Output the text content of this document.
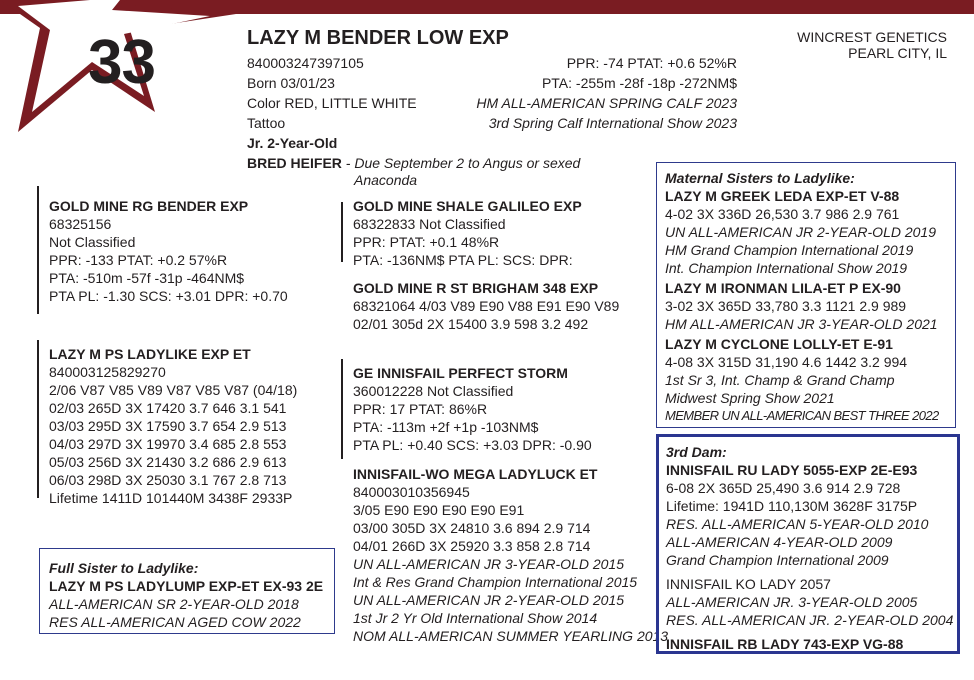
33	LAZY M BENDER LOW EXP
840003247397105
Born 03/01/23
Color RED, LITTLE WHITE
Tattoo
Jr. 2-Year-Old
BRED HEIFER - Due September 2 to Angus or sexed
Anaconda
PPR: -74 PTAT: +0.6 52%R
PTA: -255m -28f -18p -272NM$
HM ALL-AMERICAN SPRING CALF 2023
3rd Spring Calf International Show 2023
WINCREST GENETICS
PEARL CITY, IL
GOLD MINE RG BENDER EXP
68325156
Not Classified
PPR: -133 PTAT: +0.2 57%R
PTA: -510m -57f -31p -464NM$
PTA PL: -1.30 SCS: +3.01 DPR: +0.70
GOLD MINE SHALE GALILEO EXP
68322833 Not Classified
PPR: PTAT: +0.1 48%R
PTA: -136NM$ PTA PL: SCS: DPR:
GOLD MINE R ST BRIGHAM 348 EXP
68321064 4/03 V89 E90 V88 E91 E90 V89
02/01 305d 2X 15400 3.9 598 3.2 492
LAZY M PS LADYLIKE EXP ET
840003125829270
2/06 V87 V85 V89 V87 V85 V87 (04/18)
02/03 265D 3X 17420 3.7 646 3.1 541
03/03 295D 3X 17590 3.7 654 2.9 513
04/03 297D 3X 19970 3.4 685 2.8 553
05/03 256D 3X 21430 3.2 686 2.9 613
06/03 298D 3X 25030 3.1 767 2.8 713
Lifetime 1411D 101440M 3438F 2933P
GE INNISFAIL PERFECT STORM
360012228 Not Classified
PPR: 17 PTAT: 86%R
PTA: -113m +2f +1p -103NM$
PTA PL: +0.40 SCS: +3.03 DPR: -0.90
INNISFAIL-WO MEGA LADYLUCK ET
840003010356945
3/05 E90 E90 E90 E90 E91
03/00 305D 3X 24810 3.6 894 2.9 714
04/01 266D 3X 25920 3.3 858 2.8 714
UN ALL-AMERICAN JR 3-YEAR-OLD 2015
Int & Res Grand Champion International 2015
UN ALL-AMERICAN JR 2-YEAR-OLD 2015
1st Jr 2 Yr Old International Show 2014
NOM ALL-AMERICAN SUMMER YEARLING 2013
Full Sister to Ladylike:
LAZY M PS LADYLUMP EXP-ET EX-93 2E
ALL-AMERICAN SR 2-YEAR-OLD 2018
RES ALL-AMERICAN AGED COW 2022
Maternal Sisters to Ladylike:
LAZY M GREEK LEDA EXP-ET V-88
4-02 3X 336D 26,530 3.7 986 2.9 761
UN ALL-AMERICAN JR 2-YEAR-OLD 2019
HM Grand Champion International 2019
Int. Champion International Show 2019
LAZY M IRONMAN LILA-ET P EX-90
3-02 3X 365D 33,780 3.3 1121 2.9 989
HM ALL-AMERICAN JR 3-YEAR-OLD 2021
LAZY M CYCLONE LOLLY-ET E-91
4-08 3X 315D 31,190 4.6 1442 3.2 994
1st Sr 3, Int. Champ & Grand Champ
Midwest Spring Show 2021
MEMBER UN ALL-AMERICAN BEST THREE 2022
3rd Dam:
INNISFAIL RU LADY 5055-EXP 2E-E93
6-08 2X 365D 25,490 3.6 914 2.9 728
Lifetime: 1941D 110,130M 3628F 3175P
RES. ALL-AMERICAN 5-YEAR-OLD 2010
ALL-AMERICAN 4-YEAR-OLD 2009
Grand Champion International 2009
INNISFAIL KO LADY 2057
ALL-AMERICAN JR. 3-YEAR-OLD 2005
RES. ALL-AMERICAN JR. 2-YEAR-OLD 2004
INNISFAIL RB LADY 743-EXP VG-88
